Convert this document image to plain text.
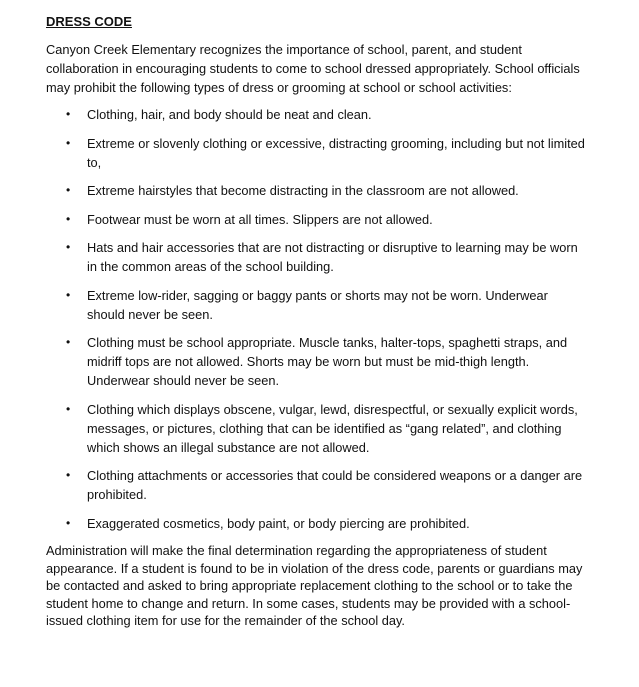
DRESS CODE
Canyon Creek Elementary recognizes the importance of school, parent, and student collaboration in encouraging students to come to school dressed appropriately. School officials may prohibit the following types of dress or grooming at school or school activities:
• Clothing, hair, and body should be neat and clean.
• Extreme or slovenly clothing or excessive, distracting grooming, including but not limited to,
• Extreme hairstyles that become distracting in the classroom are not allowed.
• Footwear must be worn at all times. Slippers are not allowed.
• Hats and hair accessories that are not distracting or disruptive to learning may be worn in the common areas of the school building.
• Extreme low-rider, sagging or baggy pants or shorts may not be worn. Underwear should never be seen.
• Clothing must be school appropriate. Muscle tanks, halter-tops, spaghetti straps, and midriff tops are not allowed. Shorts may be worn but must be mid-thigh length. Underwear should never be seen.
• Clothing which displays obscene, vulgar, lewd, disrespectful, or sexually explicit words, messages, or pictures, clothing that can be identified as “gang related”, and clothing which shows an illegal substance are not allowed.
• Clothing attachments or accessories that could be considered weapons or a danger are prohibited.
• Exaggerated cosmetics, body paint, or body piercing are prohibited.
Administration will make the final determination regarding the appropriateness of student appearance. If a student is found to be in violation of the dress code, parents or guardians may be contacted and asked to bring appropriate replacement clothing to the school or to take the student home to change and return. In some cases, students may be provided with a school-issued clothing item for use for the remainder of the school day.
